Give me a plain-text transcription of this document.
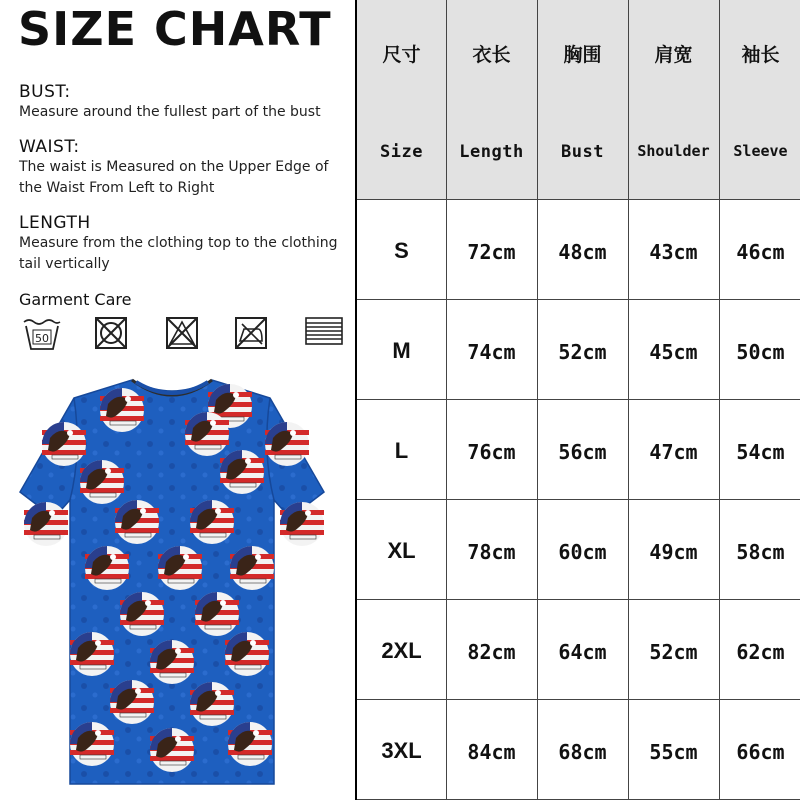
SIZE CHART
BUST:
Measure around the fullest part of the bust
WAIST:
The waist is Measured on the Upper Edge of the Waist From Left to Right
LENGTH
Measure from the clothing top to the clothing tail vertically
Garment Care
50
尺寸	衣长	胸围	肩宽	袖长
Size	Length	Bust	Shoulder	Sleeve
S	72cm	48cm	43cm	46cm
M	74cm	52cm	45cm	50cm
L	76cm	56cm	47cm	54cm
XL	78cm	60cm	49cm	58cm
2XL	82cm	64cm	52cm	62cm
3XL	84cm	68cm	55cm	66cm
